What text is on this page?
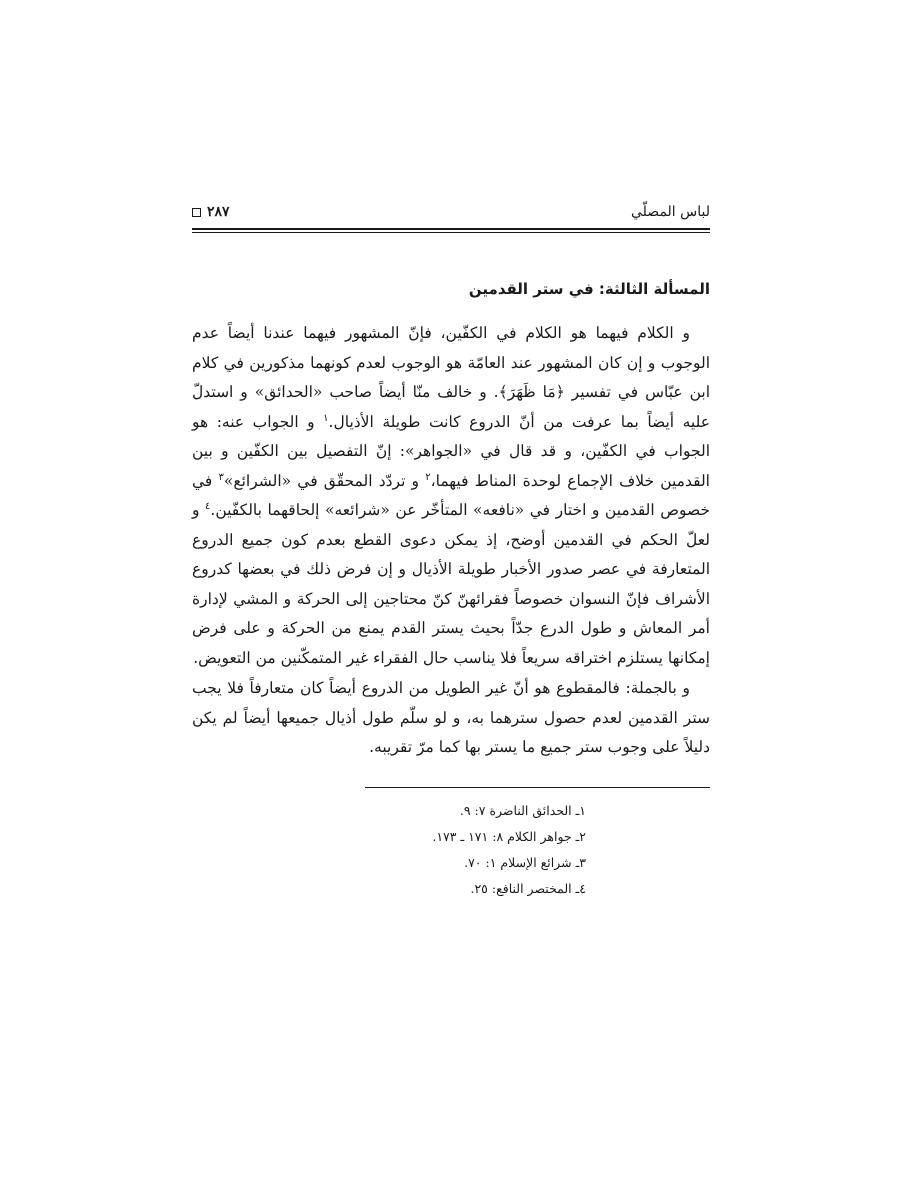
لباس المصلّي
٢٨٧
المسألة الثالثة: في ستر القدمين

و الكلام فيهما هو الكلام في الكفّين، فإنّ المشهور فيهما عندنا أيضاً عدم الوجوب و إن كان المشهور عند العامّة هو الوجوب لعدم كونهما مذكورين في كلام ابن عبّاس في تفسير ﴿مَا ظَهَرَ﴾. و خالف منّا أيضاً صاحب «الحدائق» و استدلّ عليه أيضاً بما عرفت من أنّ الدروع كانت طويلة الأذيال.$^١$ و الجواب عنه: هو الجواب في الكفّين، و قد قال في «الجواهر»: إنّ التفصيل بين الكفّين و بين القدمين خلاف الإجماع لوحدة المناط فيهما،$^٢$ و تردّد المحقّق في «الشرائع»$^٣$ في خصوص القدمين و اختار في «نافعه» المتأخّر عن «شرائعه» إلحاقهما بالكفّين.$^٤$ و لعلّ الحكم في القدمين أوضح، إذ يمكن دعوى القطع بعدم كون جميع الدروع المتعارفة في عصر صدور الأخبار طويلة الأذيال و إن فرض ذلك في بعضها كدروع الأشراف فإنّ النسوان خصوصاً فقرائهنّ كنّ محتاجين إلى الحركة و المشي لإدارة أمر المعاش و طول الدرع جدّاً بحيث يستر القدم يمنع من الحركة و على فرض إمكانها يستلزم اختراقه سريعاً فلا يناسب حال الفقراء غير المتمكّنين من التعويض.

و بالجملة: فالمقطوع هو أنّ غير الطويل من الدروع أيضاً كان متعارفاً فلا يجب ستر القدمين لعدم حصول سترهما به، و لو سلّم طول أذيال جميعها أيضاً لم يكن دليلاً على وجوب ستر جميع ما يستر بها كما مرّ تقريبه.

١ـ الحدائق الناضرة ٧: ٩.
٢ـ جواهر الكلام ٨: ١٧١ ـ ١٧٣.
٣ـ شرائع الإسلام ١: ٧٠.
٤ـ المختصر النافع: ٢٥.
